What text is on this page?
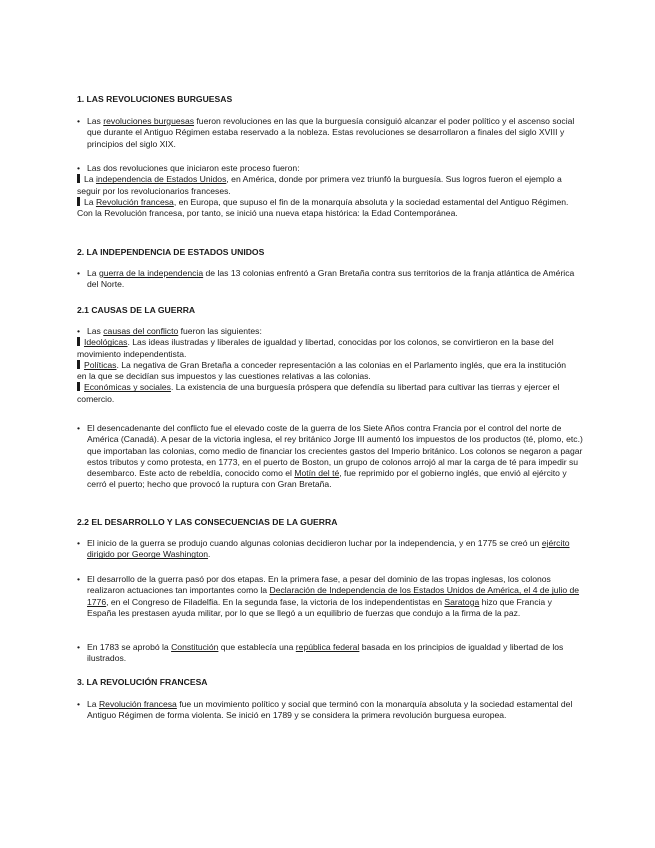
1. LAS REVOLUCIONES BURGUESAS
• Las revoluciones burguesas fueron revoluciones en las que la burguesía consiguió alcanzar el poder político y el ascenso social que durante el Antiguo Régimen estaba reservado a la nobleza. Estas revoluciones se desarrollaron a finales del siglo XVIII y principios del siglo XIX.

• Las dos revoluciones que iniciaron este proceso fueron:

La independencia de Estados Unidos, en América, donde por primera vez triunfó la burguesía. Sus logros fueron el ejemplo a seguir por los revolucionarios franceses.

La Revolución francesa, en Europa, que supuso el fin de la monarquía absoluta y la sociedad estamental del Antiguo Régimen. Con la Revolución francesa, por tanto, se inició una nueva etapa histórica: la Edad Contemporánea.

2. LA INDEPENDENCIA DE ESTADOS UNIDOS
• La guerra de la independencia de las 13 colonias enfrentó a Gran Bretaña contra sus territorios de la franja atlántica de América del Norte.

2.1 CAUSAS DE LA GUERRA

• Las causas del conflicto fueron las siguientes:

Ideológicas. Las ideas ilustradas y liberales de igualdad y libertad, conocidas por los colonos, se convirtieron en la base del movimiento independentista.

Políticas. La negativa de Gran Bretaña a conceder representación a las colonias en el Parlamento inglés, que era la institución en la que se decidían sus impuestos y las cuestiones relativas a las colonias.

Económicas y sociales. La existencia de una burguesía próspera que defendía su libertad para cultivar las tierras y ejercer el comercio.

• El desencadenante del conflicto fue el elevado coste de la guerra de los Siete Años contra Francia por el control del norte de América (Canadá). A pesar de la victoria inglesa, el rey británico Jorge III aumentó los impuestos de los productos (té, plomo, etc.) que importaban las colonias, como medio de financiar los crecientes gastos del Imperio británico. Los colonos se negaron a pagar estos tributos y como protesta, en 1773, en el puerto de Boston, un grupo de colonos arrojó al mar la carga de té para impedir su desembarco. Este acto de rebeldía, conocido como el Motín del té, fue reprimido por el gobierno inglés, que envió al ejército y cerró el puerto; hecho que provocó la ruptura con Gran Bretaña.

2.2 EL DESARROLLO Y LAS CONSECUENCIAS DE LA GUERRA
• El inicio de la guerra se produjo cuando algunas colonias decidieron luchar por la independencia, y en 1775 se creó un ejército dirigido por George Washington.

• El desarrollo de la guerra pasó por dos etapas. En la primera fase, a pesar del dominio de las tropas inglesas, los colonos realizaron actuaciones tan importantes como la Declaración de Independencia de los Estados Unidos de América, el 4 de julio de 1776, en el Congreso de Filadelfia. En la segunda fase, la victoria de los independentistas en Saratoga hizo que Francia y España les prestasen ayuda militar, por lo que se llegó a un equilibrio de fuerzas que condujo a la firma de la paz.

• En 1783 se aprobó la Constitución que establecía una república federal basada en los principios de igualdad y libertad de los ilustrados.

3. LA REVOLUCIÓN FRANCESA
• La Revolución francesa fue un movimiento político y social que terminó con la monarquía absoluta y la sociedad estamental del Antiguo Régimen de forma violenta. Se inició en 1789 y se considera la primera revolución burguesa europea.
